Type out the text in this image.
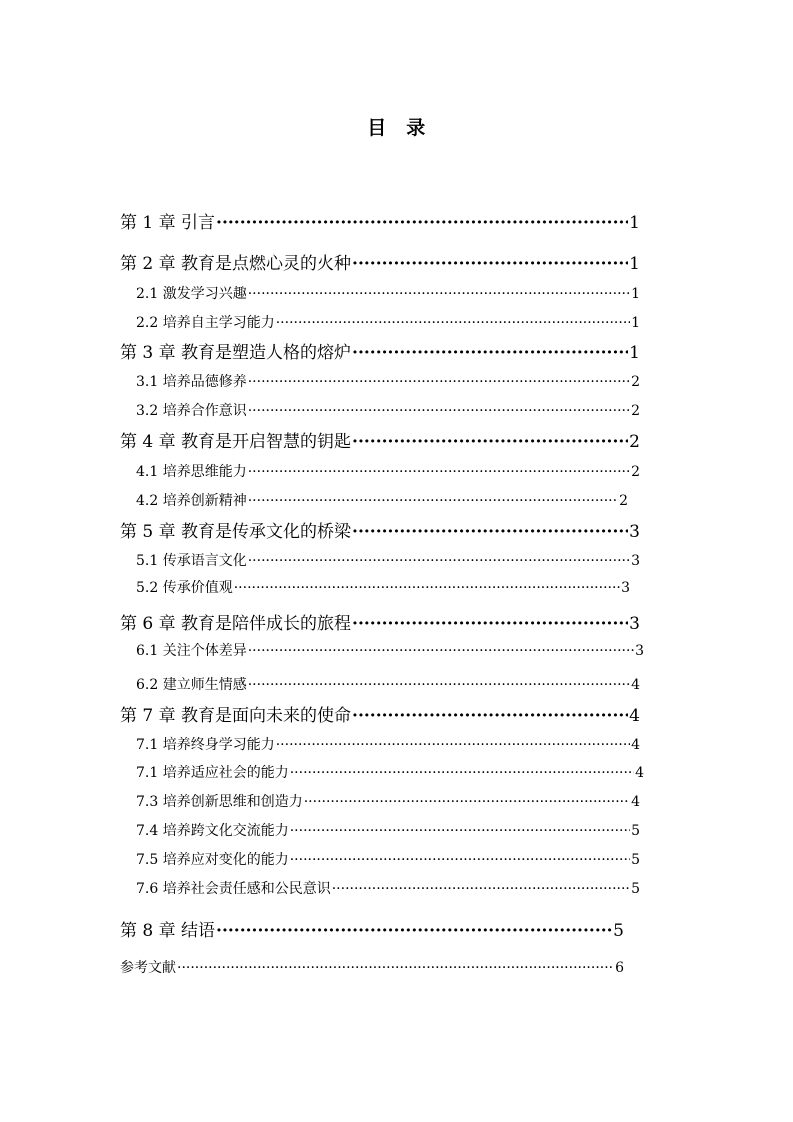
目　录
第 1 章 引言 ·····	1
第 2 章 教育是点燃心灵的火种 ·····	1
2.1 激发学习兴趣 ·····	1
2.2 培养自主学习能力 ·····	1
第 3 章 教育是塑造人格的熔炉 ·····	1
3.1 培养品德修养 ·····	2
3.2 培养合作意识 ·····	2
第 4 章 教育是开启智慧的钥匙 ·····	2
4.1 培养思维能力 ·····	2
4.2 培养创新精神 ·····	2
第 5 章 教育是传承文化的桥梁 ·····	3
5.1 传承语言文化 ·····	3
5.2 传承价值观 ·····	3
第 6 章 教育是陪伴成长的旅程 ·····	3
6.1 关注个体差异 ·····	3
6.2 建立师生情感 ·····	4
第 7 章 教育是面向未来的使命 ·····	4
7.1 培养终身学习能力 ·····	4
7.1 培养适应社会的能力 ·····	4
7.3 培养创新思维和创造力 ·····	4
7.4 培养跨文化交流能力 ·····	5
7.5 培养应对变化的能力 ·····	5
7.6 培养社会责任感和公民意识 ·····	5
第 8 章 结语 ·····	5
参考文献 ·····	6
